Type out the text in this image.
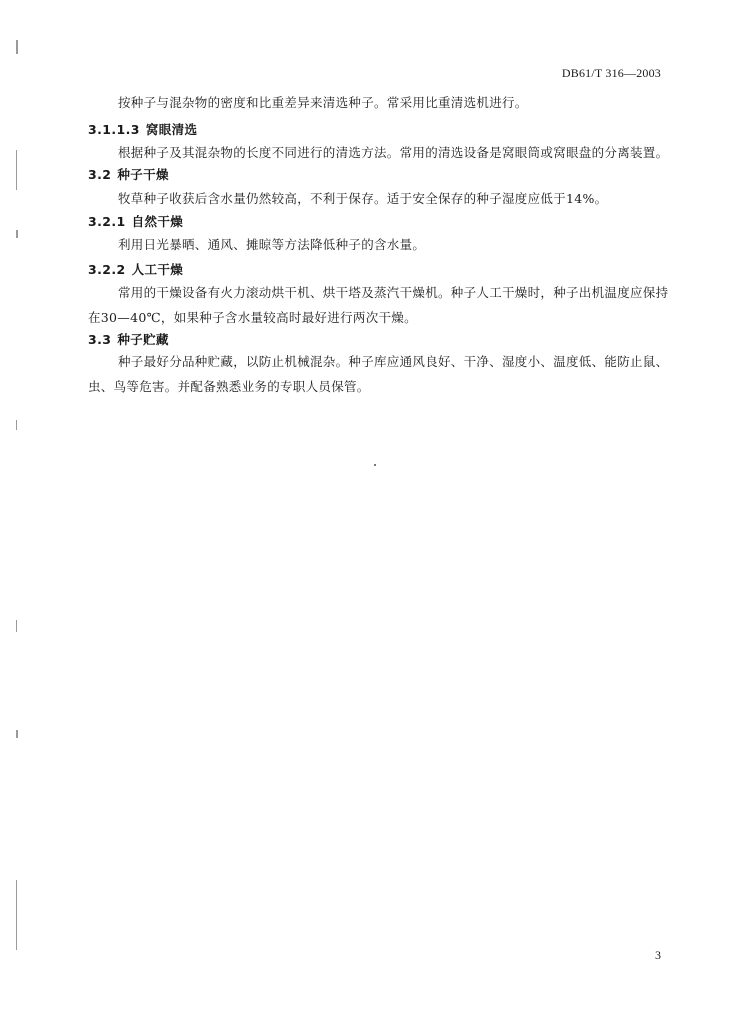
DB61/T 316—2003
按种子与混杂物的密度和比重差异来清选种子。常采用比重清选机进行。
3.1.1.3 窝眼清选
根据种子及其混杂物的长度不同进行的清选方法。常用的清选设备是窝眼筒或窝眼盘的分离装置。
3.2 种子干燥
牧草种子收获后含水量仍然较高，不利于保存。适于安全保存的种子湿度应低于14%。
3.2.1 自然干燥
利用日光暴晒、通风、摊晾等方法降低种子的含水量。
3.2.2 人工干燥
常用的干燥设备有火力滚动烘干机、烘干塔及蒸汽干燥机。种子人工干燥时，种子出机温度应保持在30—40℃，如果种子含水量较高时最好进行两次干燥。
3.3 种子贮藏
种子最好分品种贮藏，以防止机械混杂。种子库应通风良好、干净、湿度小、温度低、能防止鼠、虫、鸟等危害。并配备熟悉业务的专职人员保管。
3
